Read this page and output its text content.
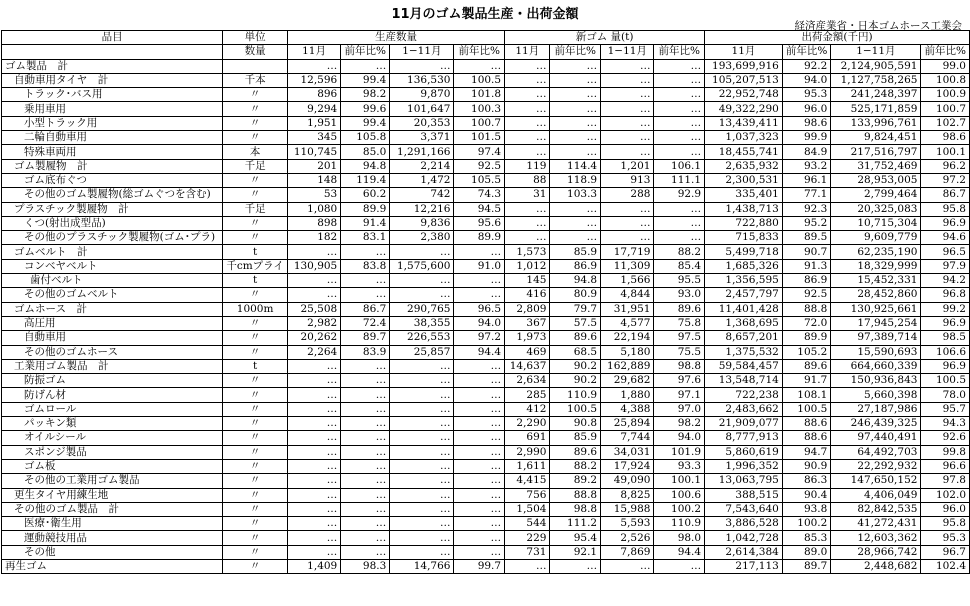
11月のゴム製品生産・出荷金額
経済産業省・日本ゴムホース工業会
品目	単位	生産数量				新ゴム 量(t)				出荷金額(千円)			
	数量	11月	前年比%	1−11月	前年比%	11月	前年比%	1−11月	前年比%	11月	前年比%	1−11月	前年比%
ゴム製品　計		…	…	…	…	…	…	…	…	193,699,916	92.2	2,124,905,591	99.0
自動車用タイヤ　計	千本	12,596	99.4	136,530	100.5	…	…	…	…	105,207,513	94.0	1,127,758,265	100.8
トラック･バス用	〃	896	98.2	9,870	101.8	…	…	…	…	22,952,748	95.3	241,248,397	100.9
乗用車用	〃	9,294	99.6	101,647	100.3	…	…	…	…	49,322,290	96.0	525,171,859	100.7
小型トラック用	〃	1,951	99.4	20,353	100.7	…	…	…	…	13,439,411	98.6	133,996,761	102.7
二輪自動車用	〃	345	105.8	3,371	101.5	…	…	…	…	1,037,323	99.9	9,824,451	98.6
特殊車両用	本	110,745	85.0	1,291,166	97.4	…	…	…	…	18,455,741	84.9	217,516,797	100.1
ゴム製履物　計	千足	201	94.8	2,214	92.5	119	114.4	1,201	106.1	2,635,932	93.2	31,752,469	96.2
ゴム底布ぐつ	〃	148	119.4	1,472	105.5	88	118.9	913	111.1	2,300,531	96.1	28,953,005	97.2
その他のゴム製履物(総ゴムぐつを含む)	〃	53	60.2	742	74.3	31	103.3	288	92.9	335,401	77.1	2,799,464	86.7
プラスチック製履物　計	千足	1,080	89.9	12,216	94.5	…	…	…	…	1,438,713	92.3	20,325,083	95.8
くつ(射出成型品)	〃	898	91.4	9,836	95.6	…	…	…	…	722,880	95.2	10,715,304	96.9
その他のプラスチック製履物(ゴム･プラ)	〃	182	83.1	2,380	89.9	…	…	…	…	715,833	89.5	9,609,779	94.6
ゴムベルト　計	t	…	…	…	…	1,573	85.9	17,719	88.2	5,499,718	90.7	62,235,190	96.5
コンベヤベルト	千cmプライ	130,905	83.8	1,575,600	91.0	1,012	86.9	11,309	85.4	1,685,326	91.3	18,329,999	97.9
歯付ベルト	t	…	…	…	…	145	94.8	1,566	95.5	1,356,595	86.9	15,452,331	94.2
その他のゴムベルト	〃	…	…	…	…	416	80.9	4,844	93.0	2,457,797	92.5	28,452,860	96.8
ゴムホース　計	1000m	25,508	86.7	290,765	96.5	2,809	79.7	31,951	89.6	11,401,428	88.8	130,925,661	99.2
高圧用	〃	2,982	72.4	38,355	94.0	367	57.5	4,577	75.8	1,368,695	72.0	17,945,254	96.9
自動車用	〃	20,262	89.7	226,553	97.2	1,973	89.6	22,194	97.5	8,657,201	89.9	97,389,714	98.5
その他のゴムホース	〃	2,264	83.9	25,857	94.4	469	68.5	5,180	75.5	1,375,532	105.2	15,590,693	106.6
工業用ゴム製品　計	t	…	…	…	…	14,637	90.2	162,889	98.8	59,584,457	89.6	664,660,339	96.9
防振ゴム	〃	…	…	…	…	2,634	90.2	29,682	97.6	13,548,714	91.7	150,936,843	100.5
防げん材	〃	…	…	…	…	285	110.9	1,880	97.1	722,238	108.1	5,660,398	78.0
ゴムロール	〃	…	…	…	…	412	100.5	4,388	97.0	2,483,662	100.5	27,187,986	95.7
パッキン類	〃	…	…	…	…	2,290	90.8	25,894	98.2	21,909,077	88.6	246,439,325	94.3
オイルシール	〃	…	…	…	…	691	85.9	7,744	94.0	8,777,913	88.6	97,440,491	92.6
スポンジ製品	〃	…	…	…	…	2,990	89.6	34,031	101.9	5,860,619	94.7	64,492,703	99.8
ゴム板	〃	…	…	…	…	1,611	88.2	17,924	93.3	1,996,352	90.9	22,292,932	96.6
その他の工業用ゴム製品	〃	…	…	…	…	4,415	89.2	49,090	100.1	13,063,795	86.3	147,650,152	97.8
更生タイヤ用練生地	〃	…	…	…	…	756	88.8	8,825	100.6	388,515	90.4	4,406,049	102.0
その他のゴム製品　計	〃	…	…	…	…	1,504	98.8	15,988	100.2	7,543,640	93.8	82,842,535	96.0
医療･衛生用	〃	…	…	…	…	544	111.2	5,593	110.9	3,886,528	100.2	41,272,431	95.8
運動競技用品	〃	…	…	…	…	229	95.4	2,526	98.0	1,042,728	85.3	12,603,362	95.3
その他	〃	…	…	…	…	731	92.1	7,869	94.4	2,614,384	89.0	28,966,742	96.7
再生ゴム	〃	1,409	98.3	14,766	99.7	…	…	…	…	217,113	89.7	2,448,682	102.4
